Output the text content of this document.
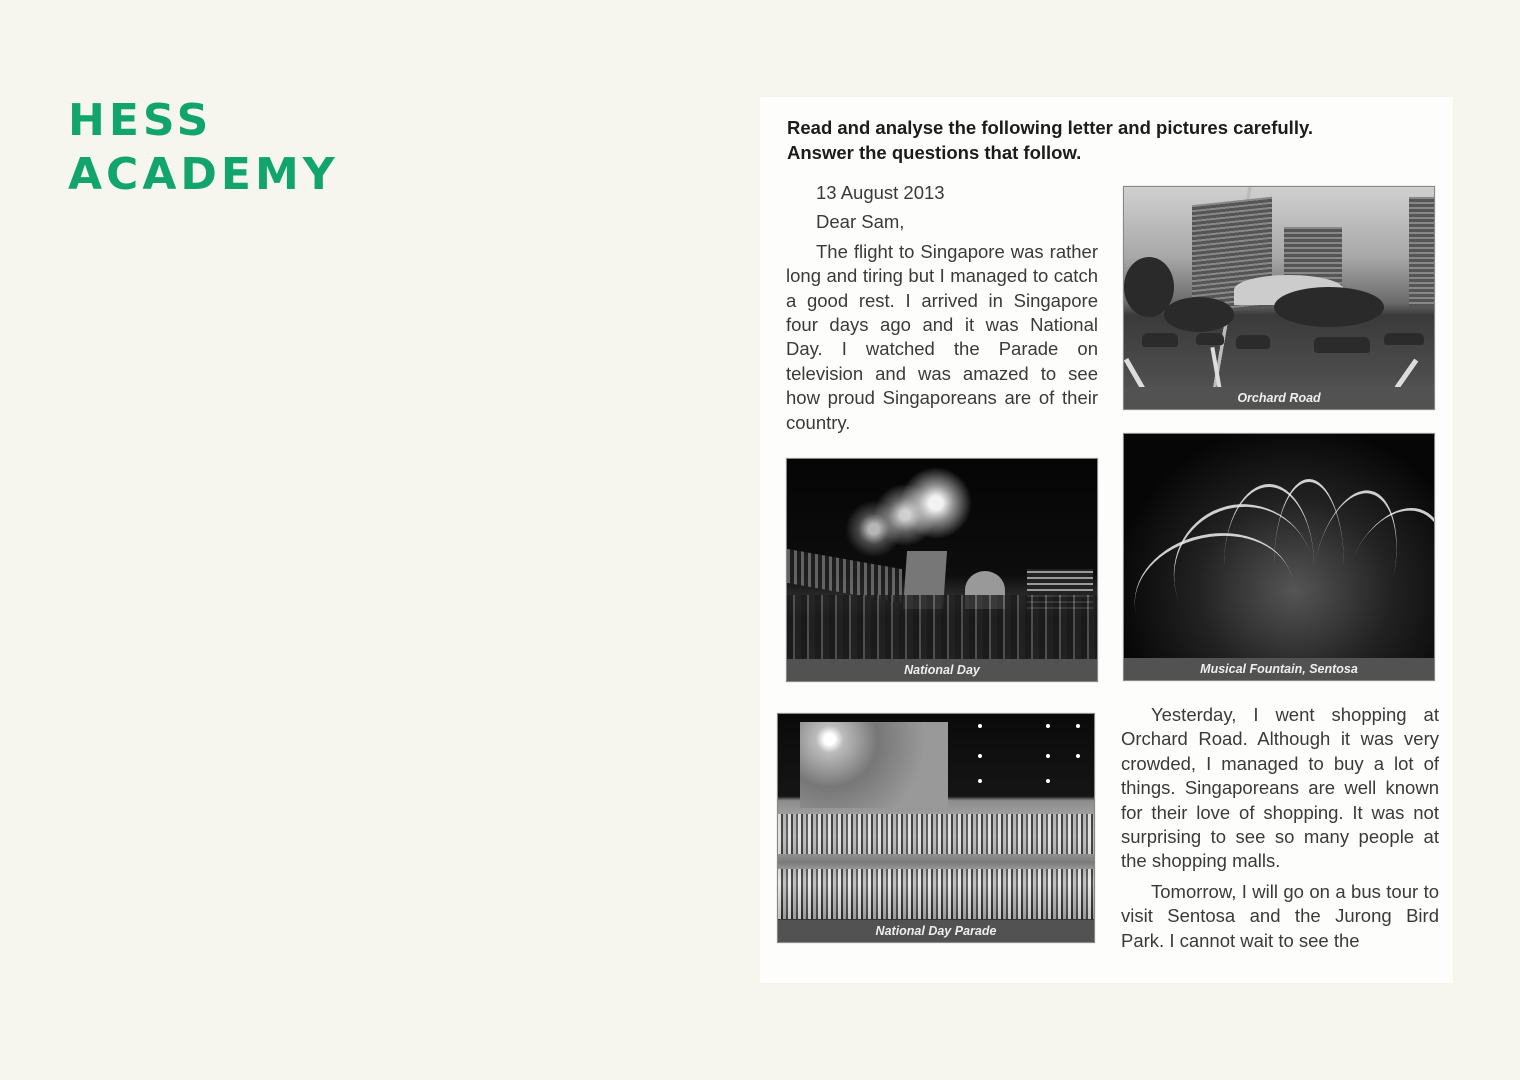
HESS
ACADEMY
Read and analyse the following letter and pictures carefully.
Answer the questions that follow.
13 August 2013
Dear Sam,

The flight to Singapore was rather long and tiring but I managed to catch a good rest. I arrived in Singapore four days ago and it was National Day. I watched the Parade on television and was amazed to see how proud Singaporeans are of their country.

Orchard Road
National Day	Musical Fountain, Sentosa
National Day Parade

Yesterday, I went shopping at Orchard Road. Although it was very crowded, I managed to buy a lot of things. Singaporeans are well known for their love of shopping. It was not surprising to see so many people at the shopping malls.

Tomorrow, I will go on a bus tour to visit Sentosa and the Jurong Bird Park. I cannot wait to see the
